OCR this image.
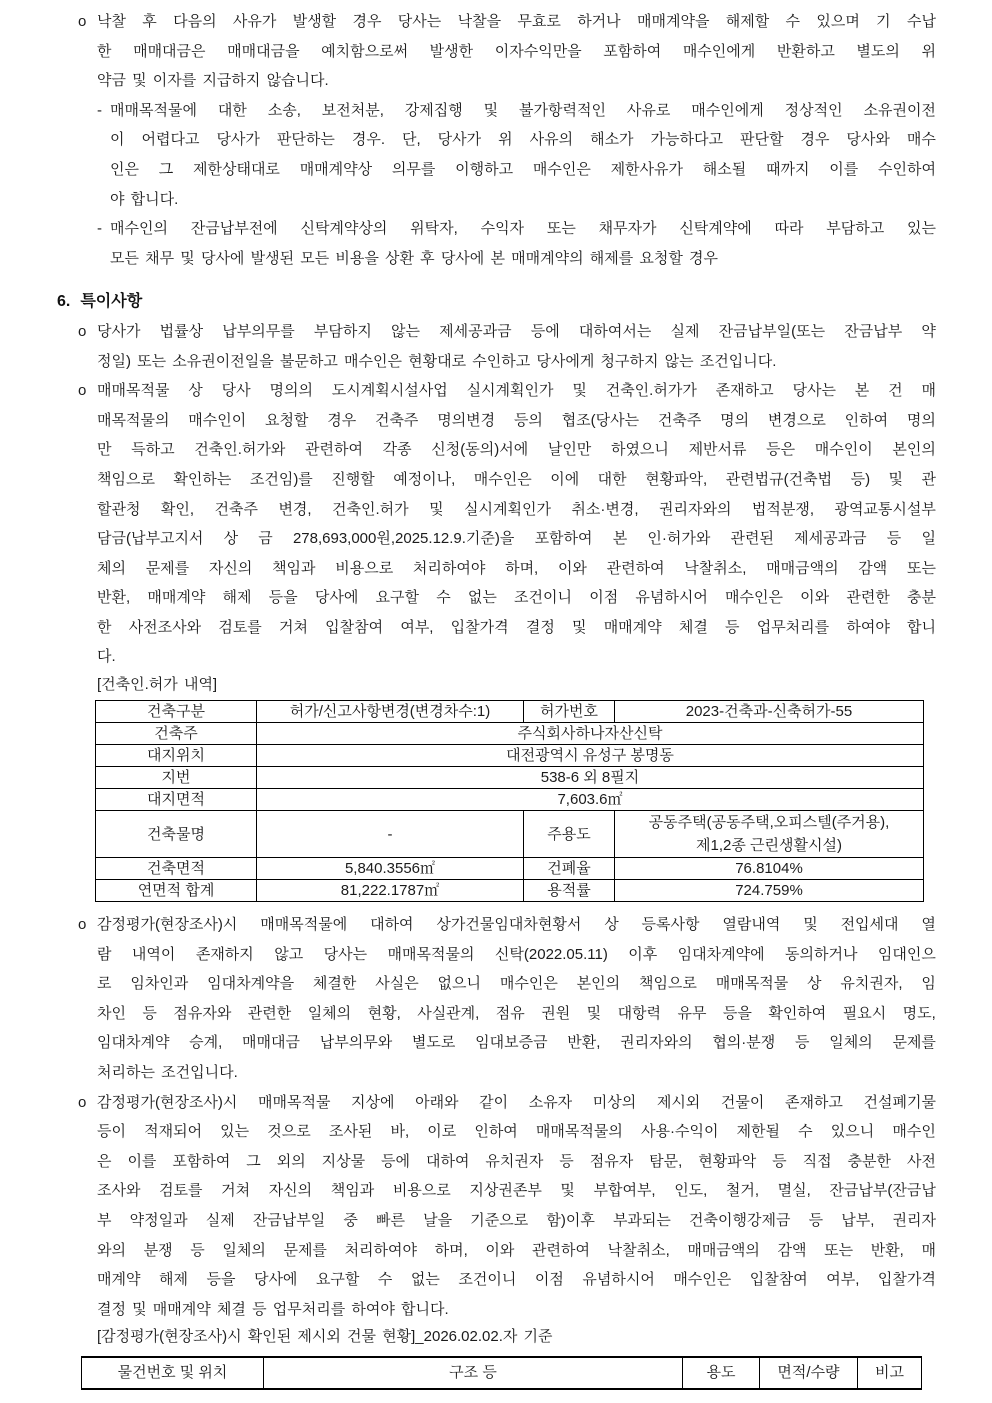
o 낙찰 후 다음의 사유가 발생할 경우 당사는 낙찰을 무효로 하거나 매매계약을 해제할 수 있으며 기 수납
한 매매대금은 매매대금을 예치함으로써 발생한 이자수익만을 포함하여 매수인에게 반환하고 별도의 위
약금 및 이자를 지급하지 않습니다.
- 매매목적물에 대한 소송, 보전처분, 강제집행 및 불가항력적인 사유로 매수인에게 정상적인 소유권이전
이 어렵다고 당사가 판단하는 경우. 단, 당사가 위 사유의 해소가 가능하다고 판단할 경우 당사와 매수
인은 그 제한상태대로 매매계약상 의무를 이행하고 매수인은 제한사유가 해소될 때까지 이를 수인하여
야 합니다.
- 매수인의 잔금납부전에 신탁계약상의 위탁자, 수익자 또는 채무자가 신탁계약에 따라 부담하고 있는
모든 채무 및 당사에 발생된 모든 비용을 상환 후 당사에 본 매매계약의 해제를 요청할 경우
6. 특이사항
o 당사가 법률상 납부의무를 부담하지 않는 제세공과금 등에 대하여서는 실제 잔금납부일(또는 잔금납부 약
정일) 또는 소유권이전일을 불문하고 매수인은 현황대로 수인하고 당사에게 청구하지 않는 조건입니다.
o 매매목적물 상 당사 명의의 도시계획시설사업 실시계획인가 및 건축인.허가가 존재하고 당사는 본 건 매
매목적물의 매수인이 요청할 경우 건축주 명의변경 등의 협조(당사는 건축주 명의 변경으로 인하여 명의
만 득하고 건축인.허가와 관련하여 각종 신청(동의)서에 날인만 하였으니 제반서류 등은 매수인이 본인의
책임으로 확인하는 조건임)를 진행할 예정이나, 매수인은 이에 대한 현황파악, 관련법규(건축법 등) 및 관
할관청 확인, 건축주 변경, 건축인.허가 및 실시계획인가 취소·변경, 권리자와의 법적분쟁, 광역교통시설부
담금(납부고지서 상 금 278,693,000원,2025.12.9.기준)을 포함하여 본 인·허가와 관련된 제세공과금 등 일
체의 문제를 자신의 책임과 비용으로 처리하여야 하며, 이와 관련하여 낙찰취소, 매매금액의 감액 또는
반환, 매매계약 해제 등을 당사에 요구할 수 없는 조건이니 이점 유념하시어 매수인은 이와 관련한 충분
한 사전조사와 검토를 거쳐 입찰참여 여부, 입찰가격 결정 및 매매계약 체결 등 업무처리를 하여야 합니
다.
[건축인.허가 내역]
건축구분	허가/신고사항변경(변경차수:1)	허가번호	2023-건축과-신축허가-55
건축주	주식회사하나자산신탁		
대지위치	대전광역시 유성구 봉명동		
지번	538-6 외 8필지		
대지면적	7,603.6㎡		
건축물명	-	주용도	공동주택(공동주택,오피스텔(주거용),
제1,2종 근린생활시설)

건축면적	5,840.3556㎡	건폐율	76.8104%
연면적 합계	81,222.1787㎡	용적률	724.759%
o 감정평가(현장조사)시 매매목적물에 대하여 상가건물임대차현황서 상 등록사항 열람내역 및 전입세대 열
람 내역이 존재하지 않고 당사는 매매목적물의 신탁(2022.05.11) 이후 임대차계약에 동의하거나 임대인으
로 임차인과 임대차계약을 체결한 사실은 없으니 매수인은 본인의 책임으로 매매목적물 상 유치권자, 임
차인 등 점유자와 관련한 일체의 현황, 사실관계, 점유 권원 및 대항력 유무 등을 확인하여 필요시 명도,
임대차계약 승계, 매매대금 납부의무와 별도로 임대보증금 반환, 권리자와의 협의·분쟁 등 일체의 문제를
처리하는 조건입니다.
o 감정평가(현장조사)시 매매목적물 지상에 아래와 같이 소유자 미상의 제시외 건물이 존재하고 건설폐기물
등이 적재되어 있는 것으로 조사된 바, 이로 인하여 매매목적물의 사용·수익이 제한될 수 있으니 매수인
은 이를 포함하여 그 외의 지상물 등에 대하여 유치권자 등 점유자 탐문, 현황파악 등 직접 충분한 사전
조사와 검토를 거쳐 자신의 책임과 비용으로 지상권존부 및 부합여부, 인도, 철거, 멸실, 잔금납부(잔금납
부 약정일과 실제 잔금납부일 중 빠른 날을 기준으로 함)이후 부과되는 건축이행강제금 등 납부, 권리자
와의 분쟁 등 일체의 문제를 처리하여야 하며, 이와 관련하여 낙찰취소, 매매금액의 감액 또는 반환, 매
매계약 해제 등을 당사에 요구할 수 없는 조건이니 이점 유념하시어 매수인은 입찰참여 여부, 입찰가격
결정 및 매매계약 체결 등 업무처리를 하여야 합니다.
[감정평가(현장조사)시 확인된 제시외 건물 현황]_2026.02.02.자 기준
물건번호 및 위치	구조 등	용도	면적/수량	비고
